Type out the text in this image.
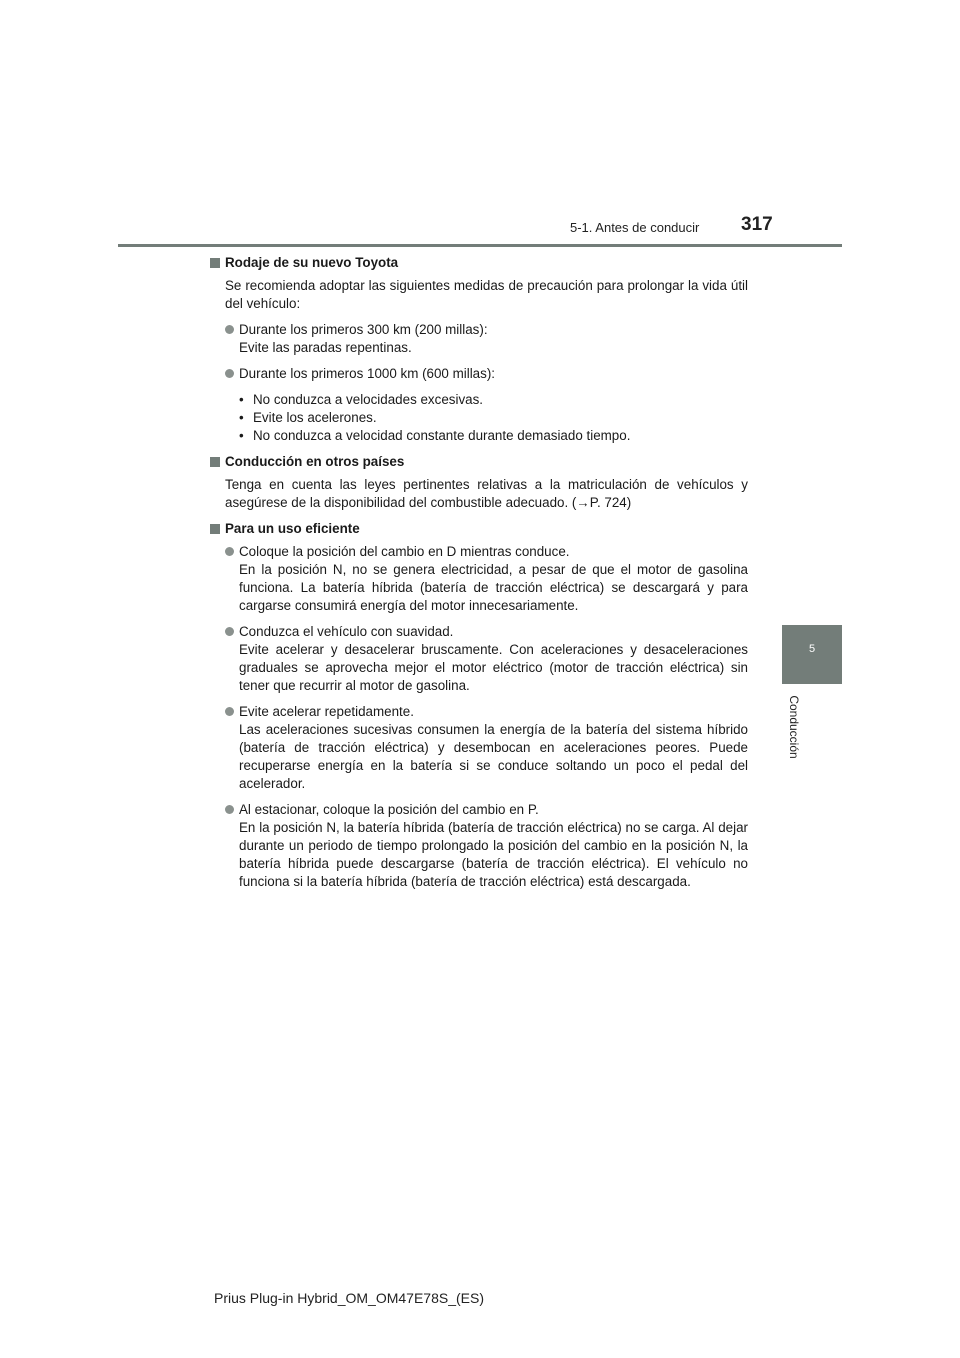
5-1. Antes de conducir 317
5
Conducción
Rodaje de su nuevo Toyota
Se recomienda adoptar las siguientes medidas de precaución para prolongar la vida útil del vehículo:
Durante los primeros 300 km (200 millas):
Evite las paradas repentinas.
Durante los primeros 1000 km (600 millas):
• No conduzca a velocidades excesivas.
• Evite los acelerones.
• No conduzca a velocidad constante durante demasiado tiempo.
Conducción en otros países
Tenga en cuenta las leyes pertinentes relativas a la matriculación de vehículos y asegúrese de la disponibilidad del combustible adecuado. (→P. 724)
Para un uso eficiente
Coloque la posición del cambio en D mientras conduce.
En la posición N, no se genera electricidad, a pesar de que el motor de gasolina funciona. La batería híbrida (batería de tracción eléctrica) se descargará y para cargarse consumirá energía del motor innecesariamente.
Conduzca el vehículo con suavidad.
Evite acelerar y desacelerar bruscamente. Con aceleraciones y desaceleraciones graduales se aprovecha mejor el motor eléctrico (motor de tracción eléctrica) sin tener que recurrir al motor de gasolina.
Evite acelerar repetidamente.
Las aceleraciones sucesivas consumen la energía de la batería del sistema híbrido (batería de tracción eléctrica) y desembocan en aceleraciones peores. Puede recuperarse energía en la batería si se conduce soltando un poco el pedal del acelerador.
Al estacionar, coloque la posición del cambio en P.
En la posición N, la batería híbrida (batería de tracción eléctrica) no se carga. Al dejar durante un periodo de tiempo prolongado la posición del cambio en la posición N, la batería híbrida puede descargarse (batería de tracción eléctrica). El vehículo no funciona si la batería híbrida (batería de tracción eléctrica) está descargada.
Prius Plug-in Hybrid_OM_OM47E78S_(ES)
